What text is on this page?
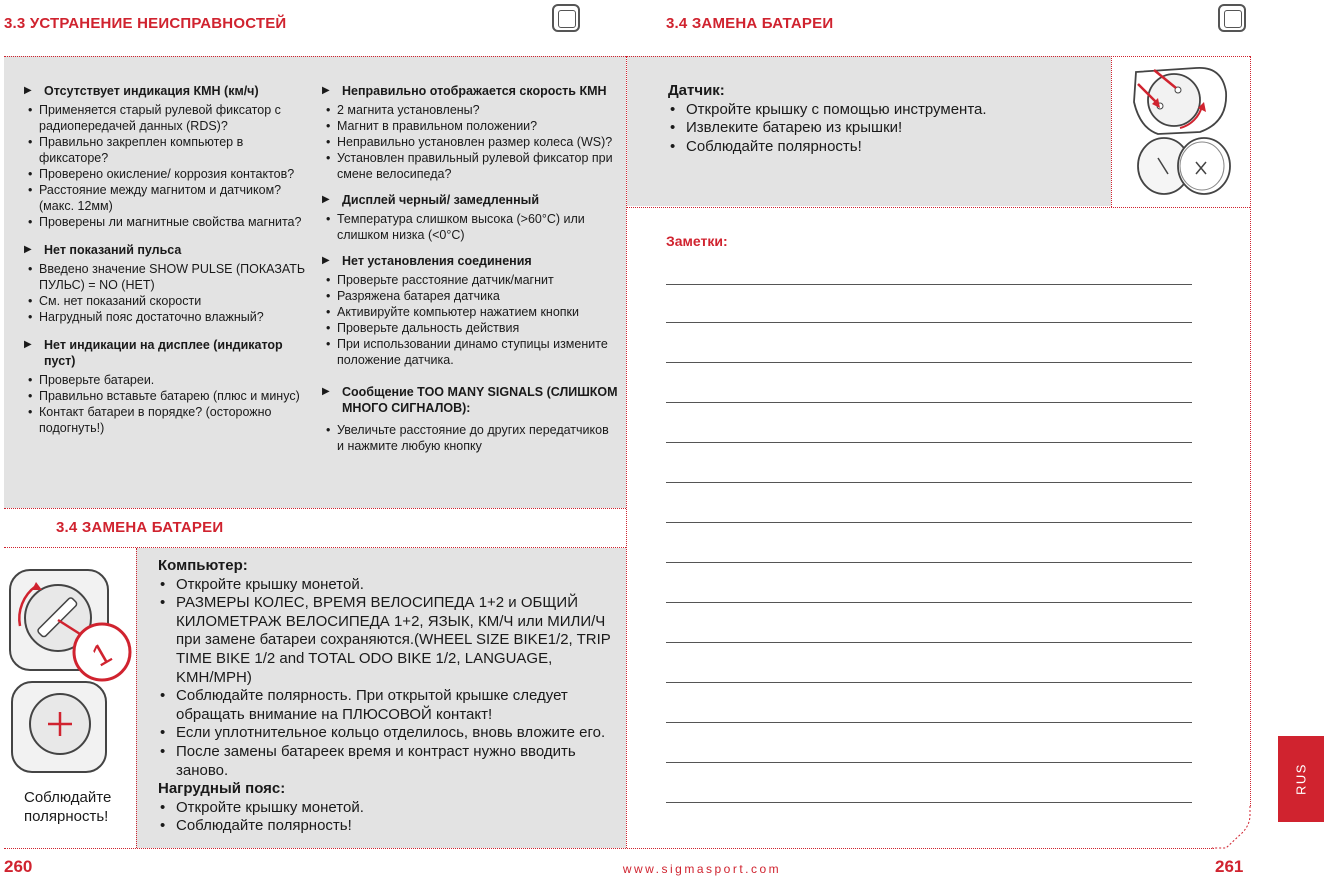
3.3 УСТРАНЕНИЕ НЕИСПРАВНОСТЕЙ
▶ Отсутствует индикация КМН (км/ч)
• Применяется старый рулевой фиксатор с радиопередачей данных (RDS)?
• Правильно закреплен компьютер в фиксаторе?
• Проверено окисление/ коррозия контактов?
• Расстояние между магнитом и датчиком? (макс. 12мм)
• Проверены ли магнитные свойства магнита?
▶ Нет показаний пульса
• Введено значение SHOW PULSE (ПОКАЗАТЬ ПУЛЬС) = NO (НЕТ)
• См. нет показаний скорости
• Нагрудный пояс достаточно влажный?
▶ Нет индикации на дисплее (индикатор пуст)
• Проверьте батареи.
• Правильно вставьте батарею (плюс и минус)
• Контакт батареи в порядке? (осторожно подогнуть!)
▶ Неправильно отображается скорость КМН
• 2 магнита установлены?
• Магнит в правильном положении?
• Неправильно установлен размер колеса (WS)?
• Установлен правильный рулевой фиксатор при смене велосипеда?
▶ Дисплей черный/ замедленный
• Температура слишком высока (>60°C) или слишком низка (<0°C)
▶ Нет установления соединения
• Проверьте расстояние датчик/магнит
• Разряжена батарея датчика
• Активируйте компьютер нажатием кнопки
• Проверьте дальность действия
• При использовании динамо ступицы измените положение датчика.
▶ Сообщение TOO MANY SIGNALS (СЛИШКОМ МНОГО СИГНАЛОВ):
• Увеличьте расстояние до других передатчиков и нажмите любую кнопку
3.4 ЗАМЕНА БАТАРЕИ
1
Соблюдайте полярность!
Компьютер:
• Откройте крышку монетой.
• РАЗМЕРЫ КОЛЕС, ВРЕМЯ ВЕЛОСИПЕДА 1+2 и ОБЩИЙ КИЛОМЕТРАЖ ВЕЛОСИПЕДА 1+2, ЯЗЫК, КМ/Ч или МИЛИ/Ч при замене батареи сохраняются.(WHEEL SIZE BIKE1/2, TRIP TIME BIKE 1/2 and TOTAL ODO BIKE 1/2, LANGUAGE, KMH/MPH)
• Соблюдайте полярность. При открытой крышке следует обращать внимание на ПЛЮСОВОЙ контакт!
• Если уплотнительное кольцо отделилось, вновь вложите его.
• После замены батареек время и контраст нужно вводить заново.
Нагрудный пояс:
• Откройте крышку монетой.
• Соблюдайте полярность!
3.4 ЗАМЕНА БАТАРЕИ
Датчик:
• Откройте крышку с помощью инструмента.
• Извлеките батарею из крышки!
• Соблюдайте полярность!
Заметки:
RUS
260	www.sigmasport.com	261
